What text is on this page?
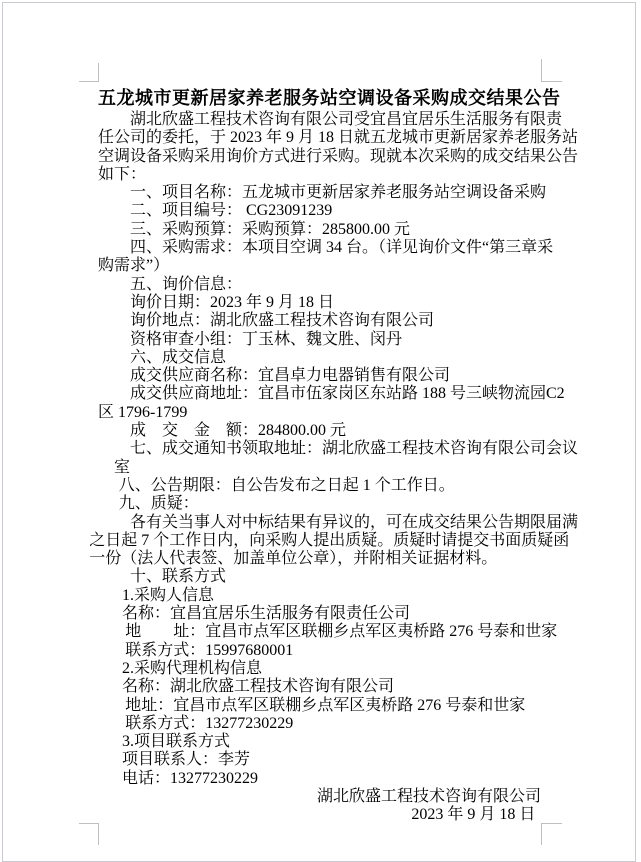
五龙城市更新居家养老服务站空调设备采购成交结果公告
湖北欣盛工程技术咨询有限公司受宜昌宜居乐生活服务有限责
任公司的委托，于 2023 年 9 月 18 日就五龙城市更新居家养老服务站
空调设备采购采用询价方式进行采购。现就本次采购的成交结果公告
如下：
一、项目名称：五龙城市更新居家养老服务站空调设备采购
二、项目编号： CG23091239
三、采购预算：采购预算：285800.00 元
四、采购需求：本项目空调 34 台。（详见询价文件“第三章采
购需求”）
五、询价信息：
询价日期：2023 年 9 月 18 日
询价地点：湖北欣盛工程技术咨询有限公司
资格审查小组：丁玉林、魏文胜、闵丹
六、成交信息
成交供应商名称：宜昌卓力电器销售有限公司
成交供应商地址：宜昌市伍家岗区东站路 188 号三峡物流园C2
区 1796-1799
成　交　金　额：284800.00 元
七、成交通知书领取地址：湖北欣盛工程技术咨询有限公司会议
室
八、公告期限：自公告发布之日起 1 个工作日。
九、质疑：
各有关当事人对中标结果有异议的，可在成交结果公告期限届满
之日起 7 个工作日内，向采购人提出质疑。质疑时请提交书面质疑函
一份（法人代表签、加盖单位公章），并附相关证据材料。
十、联系方式
1.采购人信息
名称：宜昌宜居乐生活服务有限责任公司
地　　址：宜昌市点军区联棚乡点军区夷桥路 276 号泰和世家
联系方式：15997680001
2.采购代理机构信息
名称：湖北欣盛工程技术咨询有限公司
地址：宜昌市点军区联棚乡点军区夷桥路 276 号泰和世家
联系方式：13277230229
3.项目联系方式
项目联系人：李芳
电话：13277230229
湖北欣盛工程技术咨询有限公司
2023 年 9 月 18 日
